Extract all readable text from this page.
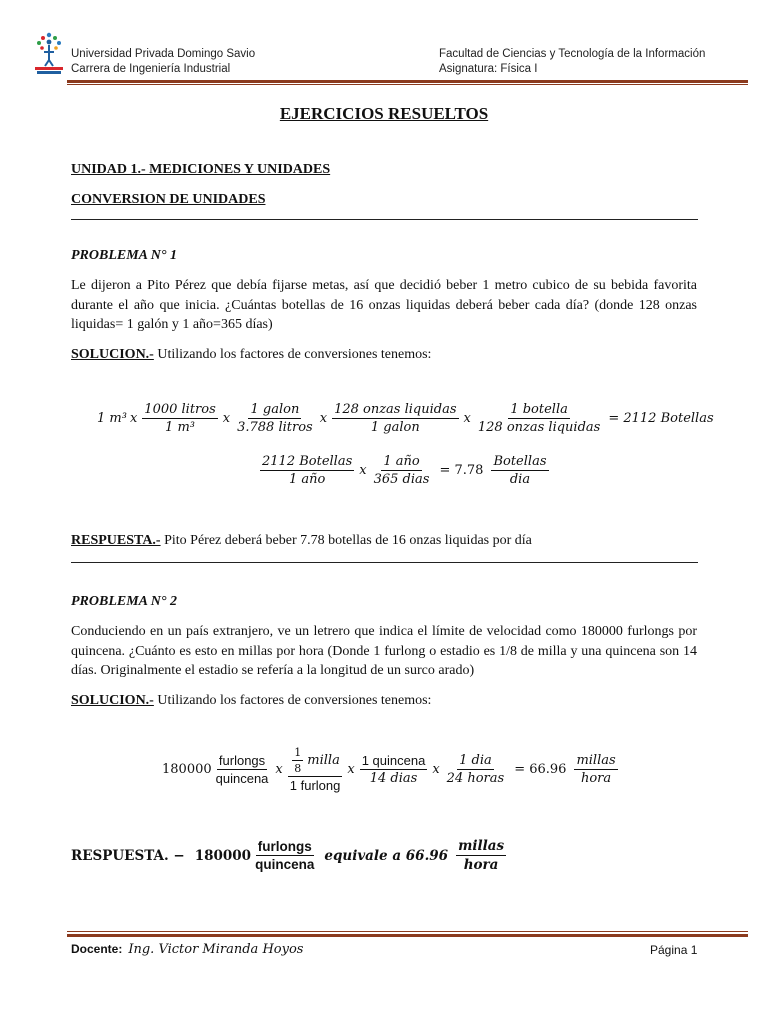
Universidad Privada Domingo Savio
Carrera de Ingeniería Industrial
Facultad de Ciencias y Tecnología de la Información
Asignatura: Física I
EJERCICIOS RESUELTOS
UNIDAD 1.- MEDICIONES Y UNIDADES
CONVERSION DE UNIDADES
PROBLEMA N° 1
Le dijeron a Pito Pérez que debía fijarse metas, así que decidió beber 1 metro cubico de su bebida favorita durante el año que inicia. ¿Cuántas botellas de 16 onzas liquidas deberá beber cada día? (donde 128 onzas liquidas= 1 galón y 1 año=365 días)
SOLUCION.- Utilizando los factores de conversiones tenemos:
1 m³ x $\frac{\text{1000 litros}}{\text{1 m³}}$ x $\frac{\text{1 galon}}{\text{3.788 litros}}$ x $\frac{\text{128 onzas liquidas}}{\text{1 galon}}$ x $\frac{\text{1 botella}}{\text{128 onzas liquidas}} = 2112$ Botellas
$\frac{\text{2112 Botellas}}{\text{1 año}}$ x $\frac{\text{1 año}}{\text{365 dias}} = 7.78 \frac{\text{Botellas}}{\text{dia}}$
RESPUESTA.- Pito Pérez deberá beber 7.78 botellas de 16 onzas liquidas por día
PROBLEMA N° 2
Conduciendo en un país extranjero, ve un letrero que indica el límite de velocidad como 180000 furlongs por quincena. ¿Cuánto es esto en millas por hora (Donde 1 furlong o estadio es 1/8 de milla y una quincena son 14 días. Originalmente el estadio se refería a la longitud de un surco arado)
SOLUCION.- Utilizando los factores de conversiones tenemos:
$180000 \frac{\text{furlongs}}{\text{quincena}}$ x $\frac{\frac{1}{8} milla}{\text{1 furlong}}$ x $\frac{\text{1 quincena}}{\text{14 dias}}$ x $\frac{\text{1 dia}}{\text{24 horas}} = 66.96 \frac{\text{millas}}{\text{hora}}$
RESPUESTA. − $180000 \frac{\text{furlongs}}{\text{quincena}}$ equivale a $66.96 \frac{\text{millas}}{\text{hora}}$
Docente: Ing. Victor Miranda Hoyos	Página 1
